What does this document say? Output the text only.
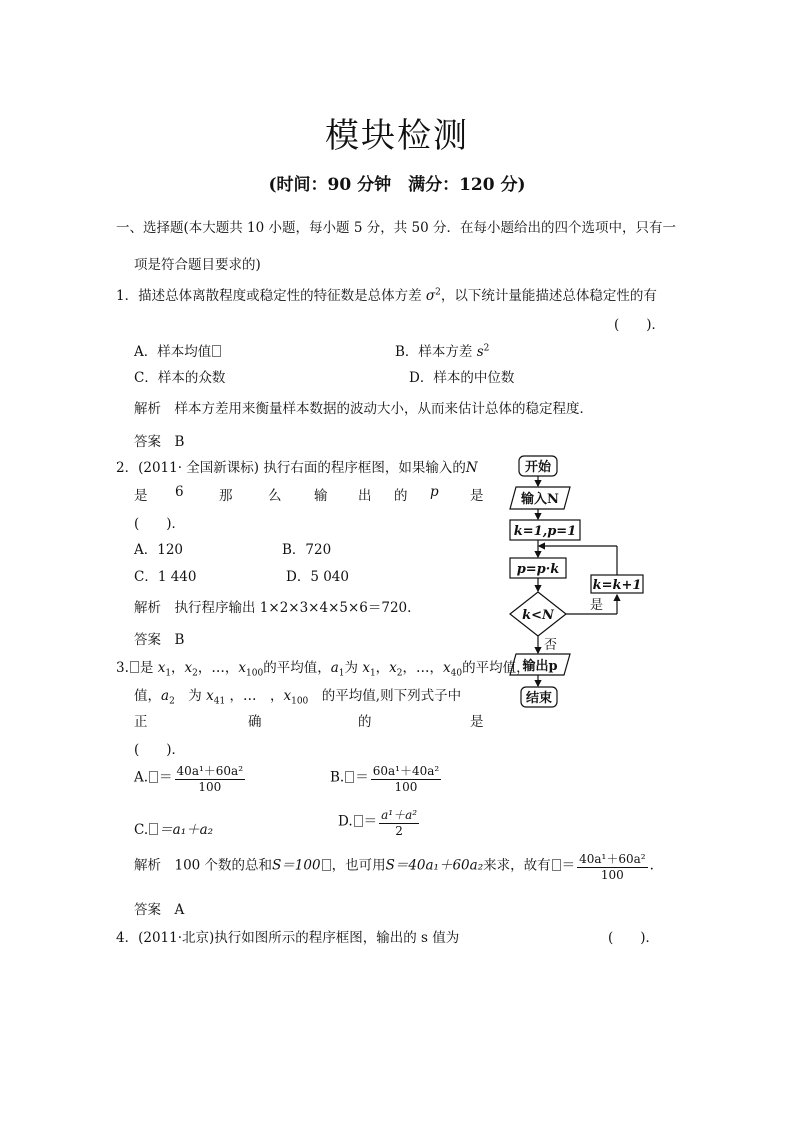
模块检测
(时间：90 分钟　满分：120 分)
一、选择题(本大题共 10 小题，每小题 5 分，共 50 分．在每小题给出的四个选项中，只有一
项是符合题目要求的)
1．描述总体离散程度或稳定性的特征数是总体方差 $\sigma^2$，以下统计量能描述总体稳定性的有
(　　)．
A．样本均值	B．样本方差 $s^2$
C．样本的众数	D．样本的中位数
解析　样本方差用来衡量样本数据的波动大小，从而来估计总体的稳定程度．
答案　B
2．(2011· 全国新课标) 执行右面的程序框图，如果输入的N
是 6	那	么 输 出 的 p 是
(　　)．
A．120	B．720
C．1 440	D．5 040
解析　执行程序输出 1×2×3×4×5×6＝720.
答案　B
开始
输入N
k=1,p=1
p=p·k
k=k+1
k<N
输出p
结束
是
否
3. 是 $x_1$，$x_2$，…，$x_{100}$的平均值，$a_1$为 $x_1$，$x_2$，…，$x_{40}$的平均值，
值，$a_2$　 为 $x_{41}$ ，…　，$x_{100}$　 的平均值,则下列式子中
正	确	的	是
(　　)．
A. ＝ $\frac{\text{40a¹＋60a²}}{100}$	B. ＝ $\frac{\text{60a¹＋40a²}}{100}$
C. ＝a₁＋a₂
D. ＝ $\frac{\text{a¹＋a²}}{2}$
解析　100 个数的总和S＝100 ，也可用S＝40a₁＋60a₂来求，故有 ＝ $\frac{\text{40a¹＋60a²}}{100}$ .
答案　A
4．(2011·北京)执行如图所示的程序框图，输出的 s 值为	(　　)．
